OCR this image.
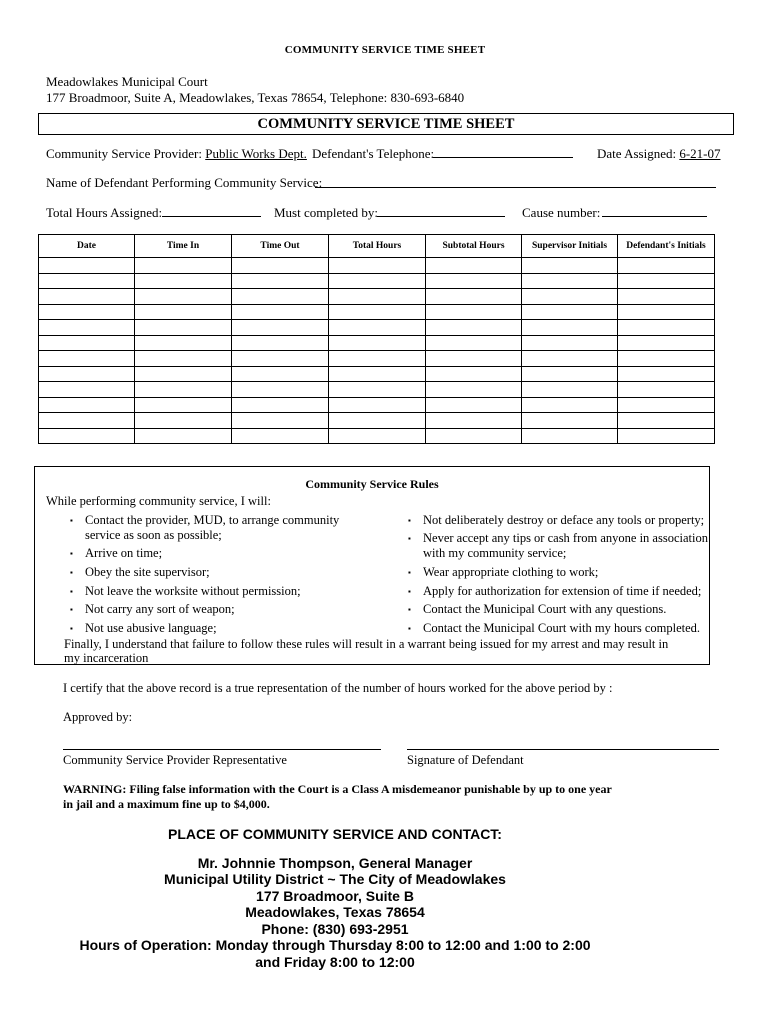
COMMUNITY SERVICE TIME SHEET
Meadowlakes Municipal Court
177 Broadmoor, Suite A, Meadowlakes, Texas 78654, Telephone: 830-693-6840
COMMUNITY SERVICE TIME SHEET
Community Service Provider: Public Works Dept. Defendant's Telephone:	Date Assigned: 6-21-07
Name of Defendant Performing Community Service:
Total Hours Assigned:	Must completed by:	Cause number:
Date	Time In	Time Out	Total Hours	Subtotal Hours	Supervisor Initials	Defendant's Initials

Community Service Rules
While performing community service, I will:
▪ Contact the provider, MUD, to arrange community service as soon as possible;
▪ Arrive on time;
▪ Obey the site supervisor;
▪ Not leave the worksite without permission;
▪ Not carry any sort of weapon;
▪ Not use abusive language;
▪ Not deliberately destroy or deface any tools or property;
▪ Never accept any tips or cash from anyone in association with my community service;
▪ Wear appropriate clothing to work;
▪ Apply for authorization for extension of time if needed;
▪ Contact the Municipal Court with any questions.
▪ Contact the Municipal Court with my hours completed.
Finally, I understand that failure to follow these rules will result in a warrant being issued for my arrest and may result in my incarceration
I certify that the above record is a true representation of the number of hours worked for the above period by :
Approved by:
Community Service Provider Representative	Signature of Defendant
WARNING: Filing false information with the Court is a Class A misdemeanor punishable by up to one year in jail and a maximum fine up to $4,000.
PLACE OF COMMUNITY SERVICE AND CONTACT:
Mr. Johnnie Thompson, General Manager
Municipal Utility District ~ The City of Meadowlakes
177 Broadmoor, Suite B
Meadowlakes, Texas 78654
Phone: (830) 693-2951
Hours of Operation: Monday through Thursday 8:00 to 12:00 and 1:00 to 2:00
and Friday 8:00 to 12:00
